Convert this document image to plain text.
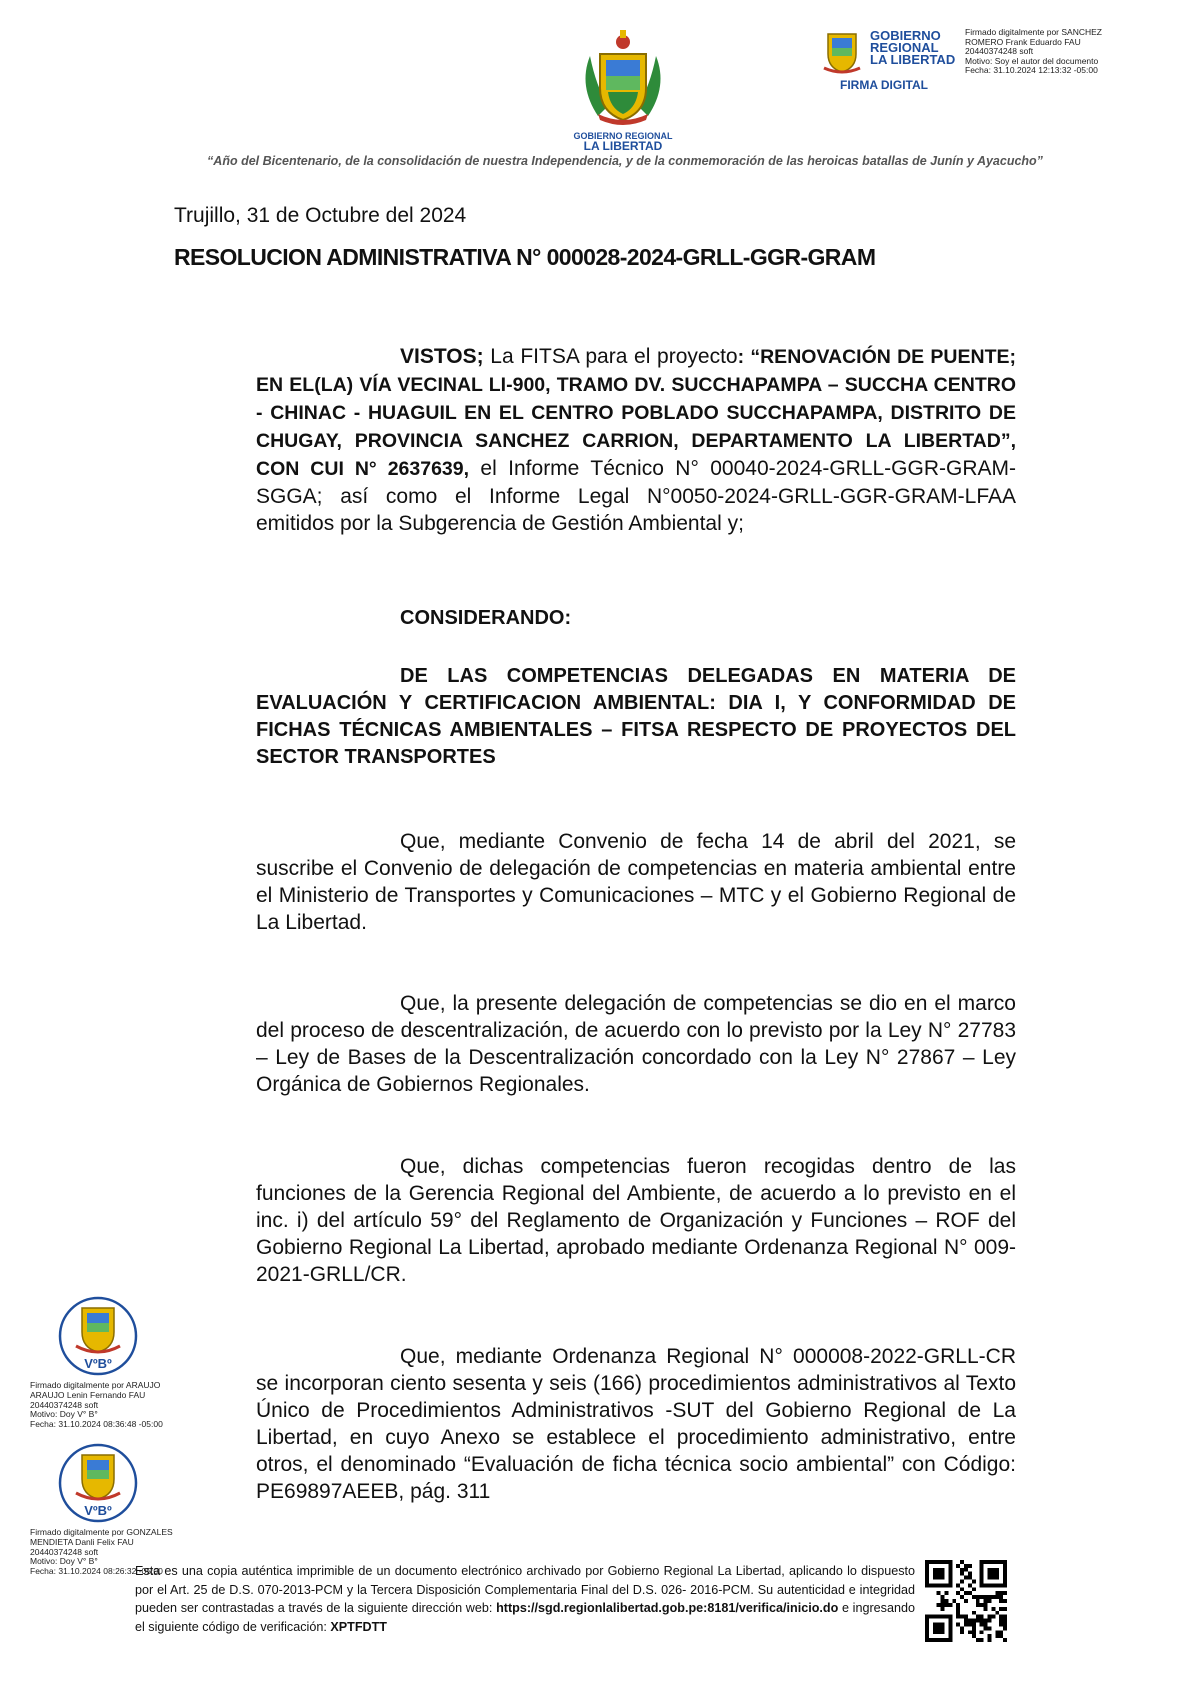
GOBIERNO REGIONAL
LA LIBERTAD
GOBIERNO
REGIONAL
LA LIBERTAD
FIRMA DIGITAL
Firmado digitalmente por SANCHEZ ROMERO Frank Eduardo FAU 20440374248 soft
Motivo: Soy el autor del documento
Fecha: 31.10.2024 12:13:32 -05:00
“Año del Bicentenario, de la consolidación de nuestra Independencia, y de la conmemoración de las heroicas batallas de Junín y Ayacucho”
Trujillo, 31 de Octubre del 2024
RESOLUCION ADMINISTRATIVA N° 000028-2024-GRLL-GGR-GRAM
VISTOS; La FITSA para el proyecto: “RENOVACIÓN DE PUENTE; EN EL(LA) VÍA VECINAL LI-900, TRAMO DV. SUCCHAPAMPA – SUCCHA CENTRO - CHINAC - HUAGUIL EN EL CENTRO POBLADO SUCCHAPAMPA, DISTRITO DE CHUGAY, PROVINCIA SANCHEZ CARRION, DEPARTAMENTO LA LIBERTAD”, CON CUI N° 2637639, el Informe Técnico N° 00040-2024-GRLL-GGR-GRAM-SGGA; así como el Informe Legal N°0050-2024-GRLL-GGR-GRAM-LFAA emitidos por la Subgerencia de Gestión Ambiental y;
CONSIDERANDO:
DE LAS COMPETENCIAS DELEGADAS EN MATERIA DE EVALUACIÓN Y CERTIFICACION AMBIENTAL: DIA I, Y CONFORMIDAD DE FICHAS TÉCNICAS AMBIENTALES – FITSA RESPECTO DE PROYECTOS DEL SECTOR TRANSPORTES
Que, mediante Convenio de fecha 14 de abril del 2021, se suscribe el Convenio de delegación de competencias en materia ambiental entre el Ministerio de Transportes y Comunicaciones – MTC y el Gobierno Regional de La Libertad.
Que, la presente delegación de competencias se dio en el marco del proceso de descentralización, de acuerdo con lo previsto por la Ley N° 27783 – Ley de Bases de la Descentralización concordado con la Ley N° 27867 – Ley Orgánica de Gobiernos Regionales.
Que, dichas competencias fueron recogidas dentro de las funciones de la Gerencia Regional del Ambiente, de acuerdo a lo previsto en el inc. i) del artículo 59° del Reglamento de Organización y Funciones – ROF del Gobierno Regional La Libertad, aprobado mediante Ordenanza Regional N° 009-2021-GRLL/CR.
Que, mediante Ordenanza Regional N° 000008-2022-GRLL-CR se incorporan ciento sesenta y seis (166) procedimientos administrativos al Texto Único de Procedimientos Administrativos -SUT del Gobierno Regional de La Libertad, en cuyo Anexo se establece el procedimiento administrativo, entre otros, el denominado “Evaluación de ficha técnica socio ambiental” con Código: PE69897AEEB, pág. 311
VºBº
Firmado digitalmente por ARAUJO ARAUJO Lenin Fernando FAU 20440374248 soft
Motivo: Doy V° B°
Fecha: 31.10.2024 08:36:48 -05:00
VºBº
Firmado digitalmente por GONZALES MENDIETA Danli Felix FAU 20440374248 soft
Motivo: Doy V° B°
Fecha: 31.10.2024 08:26:32 -05:00
Esta es una copia auténtica imprimible de un documento electrónico archivado por Gobierno Regional La Libertad, aplicando lo dispuesto por el Art. 25 de D.S. 070-2013-PCM y la Tercera Disposición Complementaria Final del D.S. 026- 2016-PCM. Su autenticidad e integridad pueden ser contrastadas a través de la siguiente dirección web: https://sgd.regionlalibertad.gob.pe:8181/verifica/inicio.do e ingresando el siguiente código de verificación: XPTFDTT
